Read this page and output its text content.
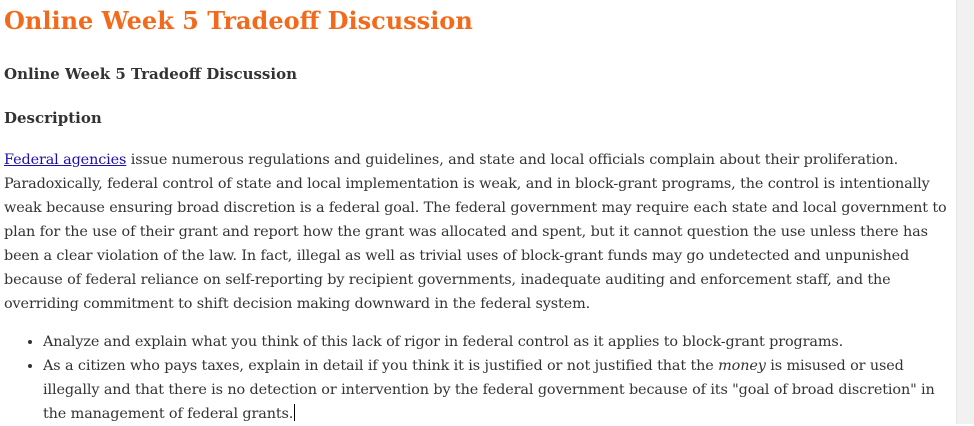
Online Week 5 Tradeoff Discussion
Online Week 5 Tradeoff Discussion
Description

Federal agencies issue numerous regulations and guidelines, and state and local officials complain about their proliferation. Paradoxically, federal control of state and local implementation is weak, and in block-grant programs, the control is intentionally weak because ensuring broad discretion is a federal goal. The federal government may require each state and local government to plan for the use of their grant and report how the grant was allocated and spent, but it cannot question the use unless there has been a clear violation of the law. In fact, illegal as well as trivial uses of block-grant funds may go undetected and unpunished because of federal reliance on self-reporting by recipient governments, inadequate auditing and enforcement staff, and the overriding commitment to shift decision making downward in the federal system.

• Analyze and explain what you think of this lack of rigor in federal control as it applies to block-grant programs.
• As a citizen who pays taxes, explain in detail if you think it is justified or not justified that the money is misused or used illegally and that there is no detection or intervention by the federal government because of its "goal of broad discretion" in the management of federal grants.
